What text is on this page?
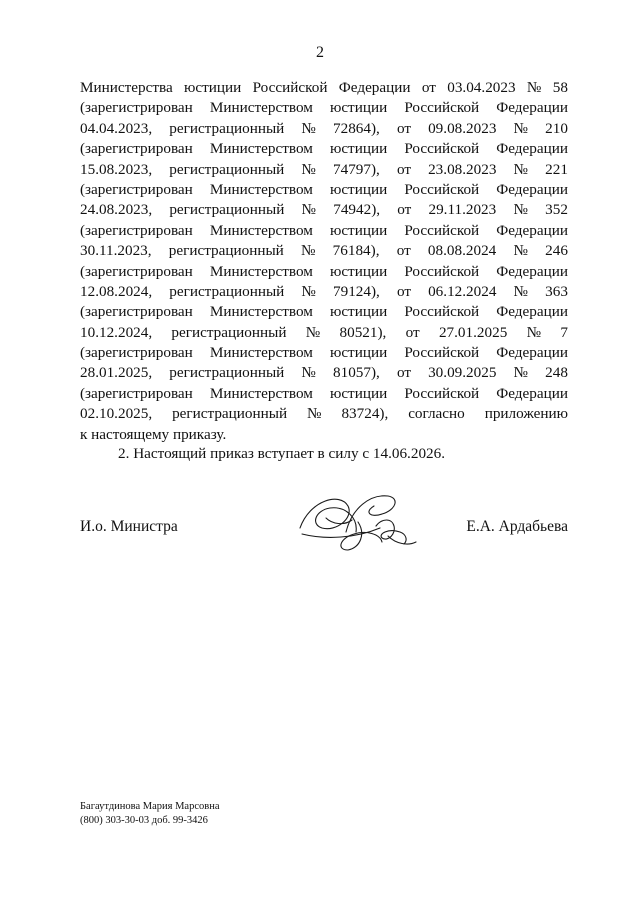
2
Министерства юстиции Российской Федерации от 03.04.2023 № 58
(зарегистрирован Министерством юстиции Российской Федерации
04.04.2023, регистрационный № 72864), от 09.08.2023 № 210
(зарегистрирован Министерством юстиции Российской Федерации
15.08.2023, регистрационный № 74797), от 23.08.2023 № 221
(зарегистрирован Министерством юстиции Российской Федерации
24.08.2023, регистрационный № 74942), от 29.11.2023 № 352
(зарегистрирован Министерством юстиции Российской Федерации
30.11.2023, регистрационный № 76184), от 08.08.2024 № 246
(зарегистрирован Министерством юстиции Российской Федерации
12.08.2024, регистрационный № 79124), от 06.12.2024 № 363
(зарегистрирован Министерством юстиции Российской Федерации
10.12.2024, регистрационный № 80521), от 27.01.2025 № 7
(зарегистрирован Министерством юстиции Российской Федерации
28.01.2025, регистрационный № 81057), от 30.09.2025 № 248
(зарегистрирован Министерством юстиции Российской Федерации
02.10.2025, регистрационный № 83724), согласно приложению
к настоящему приказу.
2. Настоящий приказ вступает в силу с 14.06.2026.
И.о. Министра	Е.А. Ардабьева
Багаутдинова Мария Марсовна
(800) 303-30-03 доб. 99-3426
